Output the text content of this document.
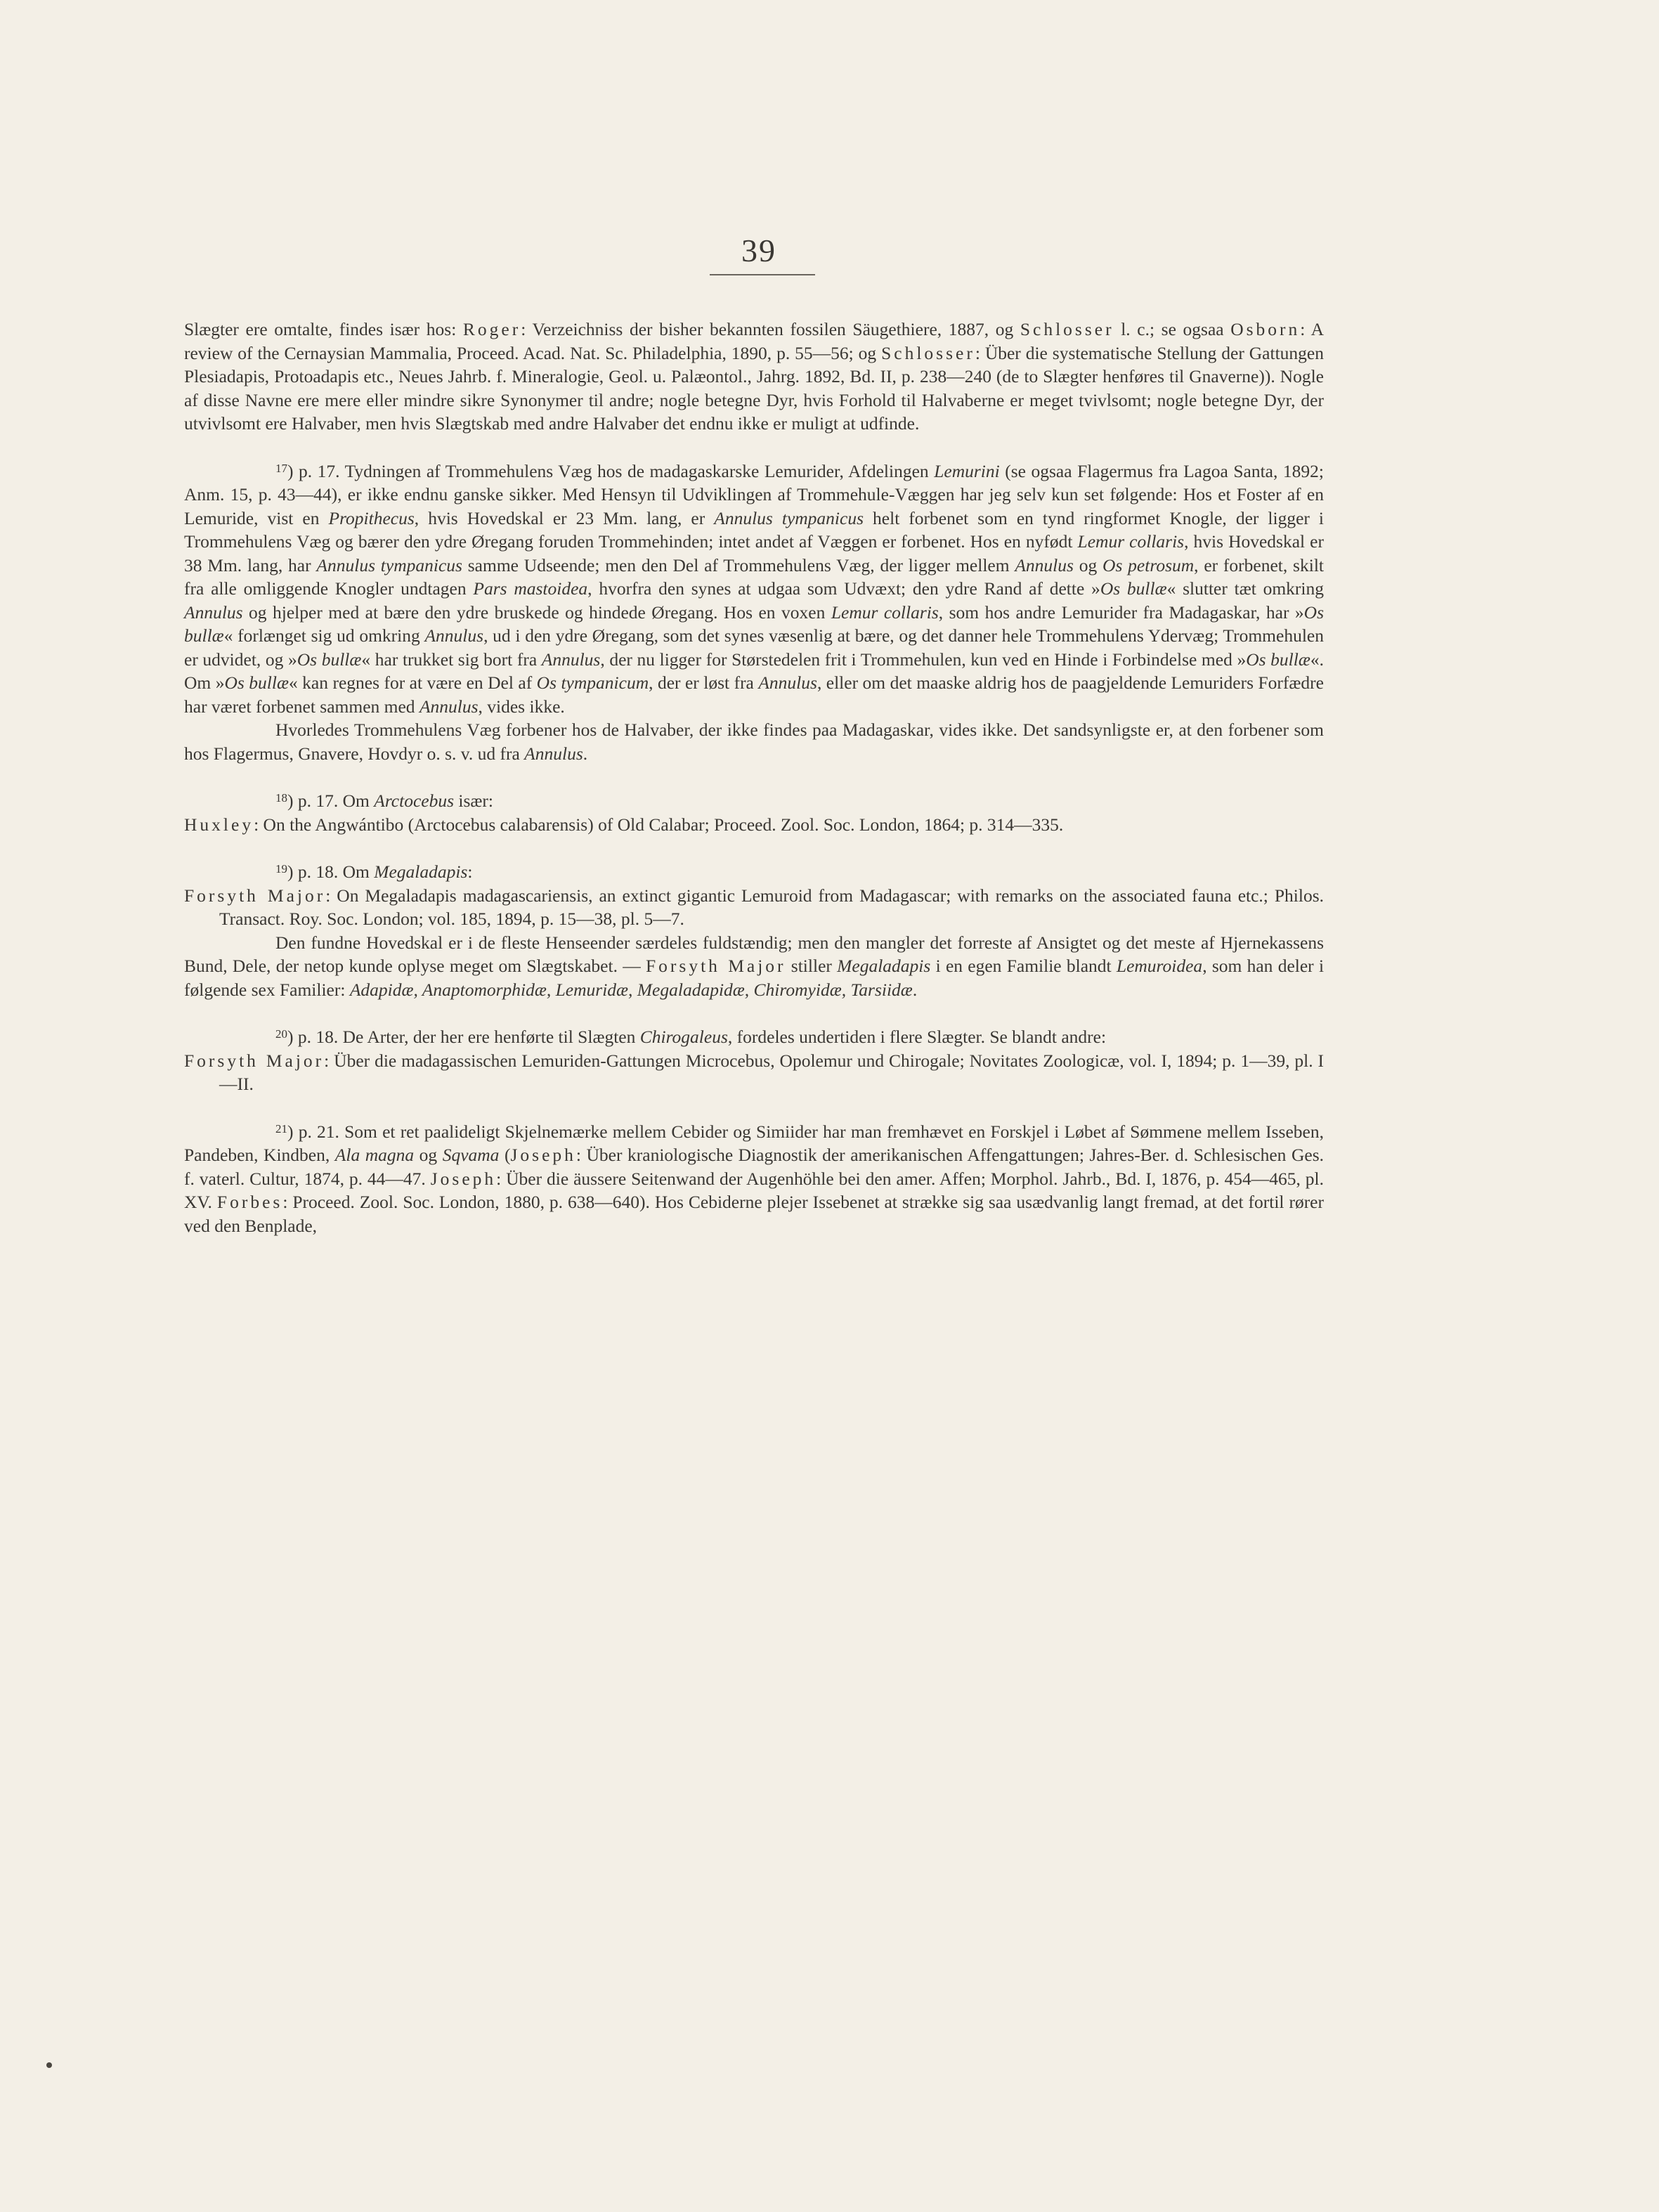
39

Slægter ere omtalte, findes især hos: Roger: Verzeichniss der bisher bekannten fossilen Säugethiere, 1887, og Schlosser l. c.; se ogsaa Osborn: A review of the Cernaysian Mammalia, Proceed. Acad. Nat. Sc. Philadelphia, 1890, p. 55—56; og Schlosser: Über die systematische Stellung der Gattungen Plesiadapis, Protoadapis etc., Neues Jahrb. f. Mineralogie, Geol. u. Palæontol., Jahrg. 1892, Bd. II, p. 238—240 (de to Slægter henføres til Gnaverne)). Nogle af disse Navne ere mere eller mindre sikre Synonymer til andre; nogle betegne Dyr, hvis Forhold til Halvaberne er meget tvivlsomt; nogle betegne Dyr, der utvivlsomt ere Halvaber, men hvis Slægtskab med andre Halvaber det endnu ikke er muligt at udfinde.

$^{17}$) p. 17. Tydningen af Trommehulens Væg hos de madagaskarske Lemurider, Afdelingen Lemurini (se ogsaa Flagermus fra Lagoa Santa, 1892; Anm. 15, p. 43—44), er ikke endnu ganske sikker. Med Hensyn til Udviklingen af Trommehule-Væggen har jeg selv kun set følgende: Hos et Foster af en Lemuride, vist en Propithecus, hvis Hovedskal er 23 Mm. lang, er Annulus tympanicus helt forbenet som en tynd ringformet Knogle, der ligger i Trommehulens Væg og bærer den ydre Øregang foruden Trommehinden; intet andet af Væggen er forbenet. Hos en nyfødt Lemur collaris, hvis Hovedskal er 38 Mm. lang, har Annulus tympanicus samme Udseende; men den Del af Trommehulens Væg, der ligger mellem Annulus og Os petrosum, er forbenet, skilt fra alle omliggende Knogler undtagen Pars mastoidea, hvorfra den synes at udgaa som Udvæxt; den ydre Rand af dette »Os bullæ« slutter tæt omkring Annulus og hjelper med at bære den ydre bruskede og hindede Øregang. Hos en voxen Lemur collaris, som hos andre Lemurider fra Madagaskar, har »Os bullæ« forlænget sig ud omkring Annulus, ud i den ydre Øregang, som det synes væsenlig at bære, og det danner hele Trommehulens Ydervæg; Trommehulen er udvidet, og »Os bullæ« har trukket sig bort fra Annulus, der nu ligger for Størstedelen frit i Trommehulen, kun ved en Hinde i Forbindelse med »Os bullæ«. Om »Os bullæ« kan regnes for at være en Del af Os tympanicum, der er løst fra Annulus, eller om det maaske aldrig hos de paagjeldende Lemuriders Forfædre har været forbenet sammen med Annulus, vides ikke.

Hvorledes Trommehulens Væg forbener hos de Halvaber, der ikke findes paa Madagaskar, vides ikke. Det sandsynligste er, at den forbener som hos Flagermus, Gnavere, Hovdyr o. s. v. ud fra Annulus.

$^{18}$) p. 17. Om Arctocebus især:

Huxley: On the Angwántibo (Arctocebus calabarensis) of Old Calabar; Proceed. Zool. Soc. London, 1864; p. 314—335.

$^{19}$) p. 18. Om Megaladapis:

Forsyth Major: On Megaladapis madagascariensis, an extinct gigantic Lemuroid from Madagascar; with remarks on the associated fauna etc.; Philos. Transact. Roy. Soc. London; vol. 185, 1894, p. 15—38, pl. 5—7.

Den fundne Hovedskal er i de fleste Henseender særdeles fuldstændig; men den mangler det forreste af Ansigtet og det meste af Hjernekassens Bund, Dele, der netop kunde oplyse meget om Slægtskabet. — Forsyth Major stiller Megaladapis i en egen Familie blandt Lemuroidea, som han deler i følgende sex Familier: Adapidæ, Anaptomorphidæ, Lemuridæ, Megaladapidæ, Chiromyidæ, Tarsiidæ.

$^{20}$) p. 18. De Arter, der her ere henførte til Slægten Chirogaleus, fordeles undertiden i flere Slægter. Se blandt andre:

Forsyth Major: Über die madagassischen Lemuriden-Gattungen Microcebus, Opolemur und Chirogale; Novitates Zoologicæ, vol. I, 1894; p. 1—39, pl. I—II.

$^{21}$) p. 21. Som et ret paalideligt Skjelnemærke mellem Cebider og Simiider har man fremhævet en Forskjel i Løbet af Sømmene mellem Isseben, Pandeben, Kindben, Ala magna og Sqvama (Joseph: Über kraniologische Diagnostik der amerikanischen Affengattungen; Jahres-Ber. d. Schlesischen Ges. f. vaterl. Cultur, 1874, p. 44—47. Joseph: Über die äussere Seitenwand der Augenhöhle bei den amer. Affen; Morphol. Jahrb., Bd. I, 1876, p. 454—465, pl. XV. Forbes: Proceed. Zool. Soc. London, 1880, p. 638—640). Hos Cebiderne plejer Issebenet at strække sig saa usædvanlig langt fremad, at det fortil rører ved den Benplade,
